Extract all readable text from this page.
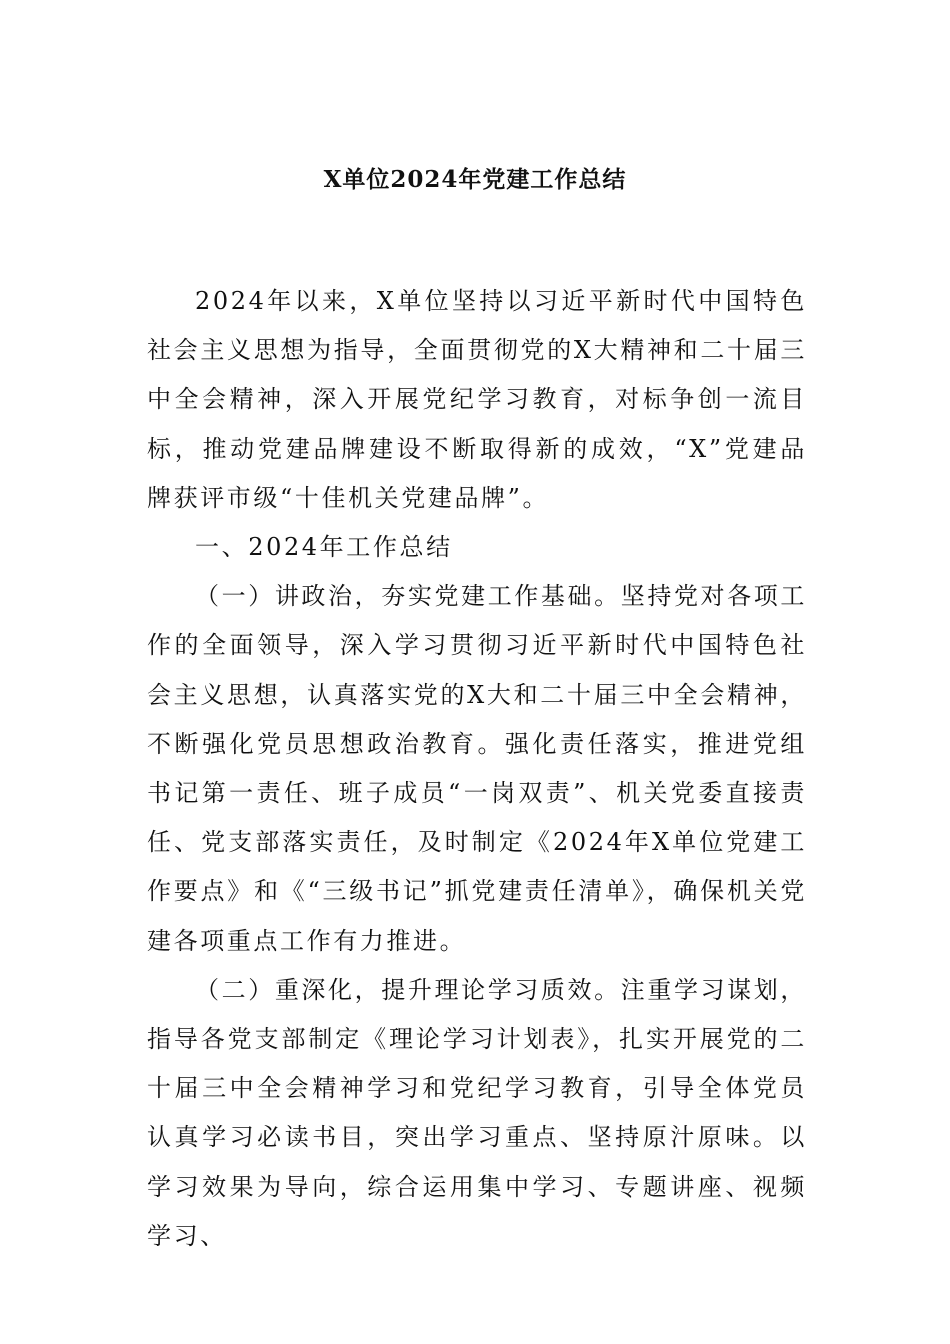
X单位2024年党建工作总结

2024年以来，X单位坚持以习近平新时代中国特色社会主义思想为指导，全面贯彻党的X大精神和二十届三中全会精神，深入开展党纪学习教育，对标争创一流目标，推动党建品牌建设不断取得新的成效，“X”党建品牌获评市级“十佳机关党建品牌”。

一、2024年工作总结

（一）讲政治，夯实党建工作基础。坚持党对各项工作的全面领导，深入学习贯彻习近平新时代中国特色社会主义思想，认真落实党的X大和二十届三中全会精神，不断强化党员思想政治教育。强化责任落实，推进党组书记第一责任、班子成员“一岗双责”、机关党委直接责任、党支部落实责任，及时制定《2024年X单位党建工作要点》和《“三级书记”抓党建责任清单》，确保机关党建各项重点工作有力推进。

（二）重深化，提升理论学习质效。注重学习谋划，指导各党支部制定《理论学习计划表》，扎实开展党的二十届三中全会精神学习和党纪学习教育，引导全体党员认真学习必读书目，突出学习重点、坚持原汁原味。以学习效果为导向，综合运用集中学习、专题讲座、视频学习、
